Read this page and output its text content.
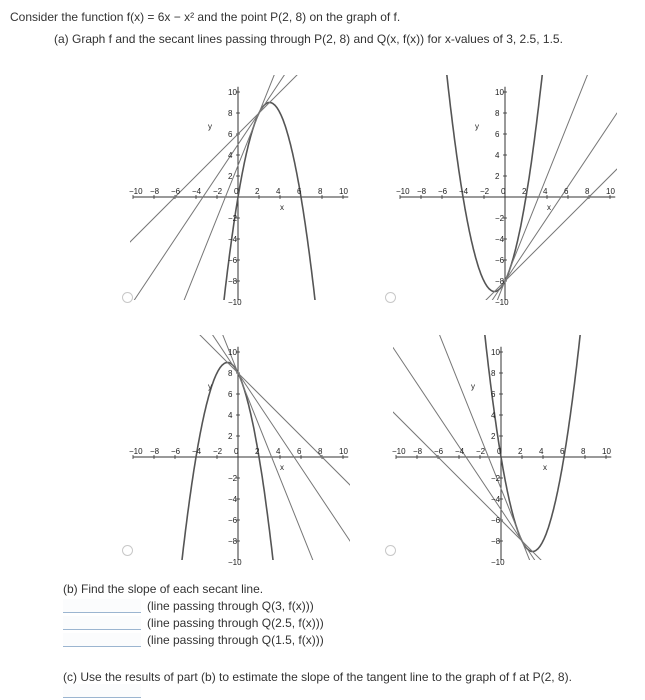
Consider the function f(x) = 6x − x² and the point P(2, 8) on the graph of f.
(a) Graph f and the secant lines passing through P(2, 8) and Q(x, f(x)) for x-values of 3, 2.5, 1.5.
−10 −8 −6 −4 −2 0 2 4 6 8 10
10
8
6
4
2
−2
−4
−6
−8
−10
x
y
−10 −8 −6 −4 −2 0 2 4 6 8 10
10
8
6
4
2
−2
−4
−6
−8
−10
x
y
−10 −8 −6 −4 −2 0 2 4 6 8 10
10
8
6
4
2
−2
−4
−6
−8
−10
x
y
−10 −8 −6 −4 −2 0 2 4 6 8 10
10
8
6
4
2
−2
−4
−6
−8
−10
x
y
(b) Find the slope of each secant line.
(line passing through Q(3, f(x)))
(line passing through Q(2.5, f(x)))
(line passing through Q(1.5, f(x)))
(c) Use the results of part (b) to estimate the slope of the tangent line to the graph of f at P(2, 8).
